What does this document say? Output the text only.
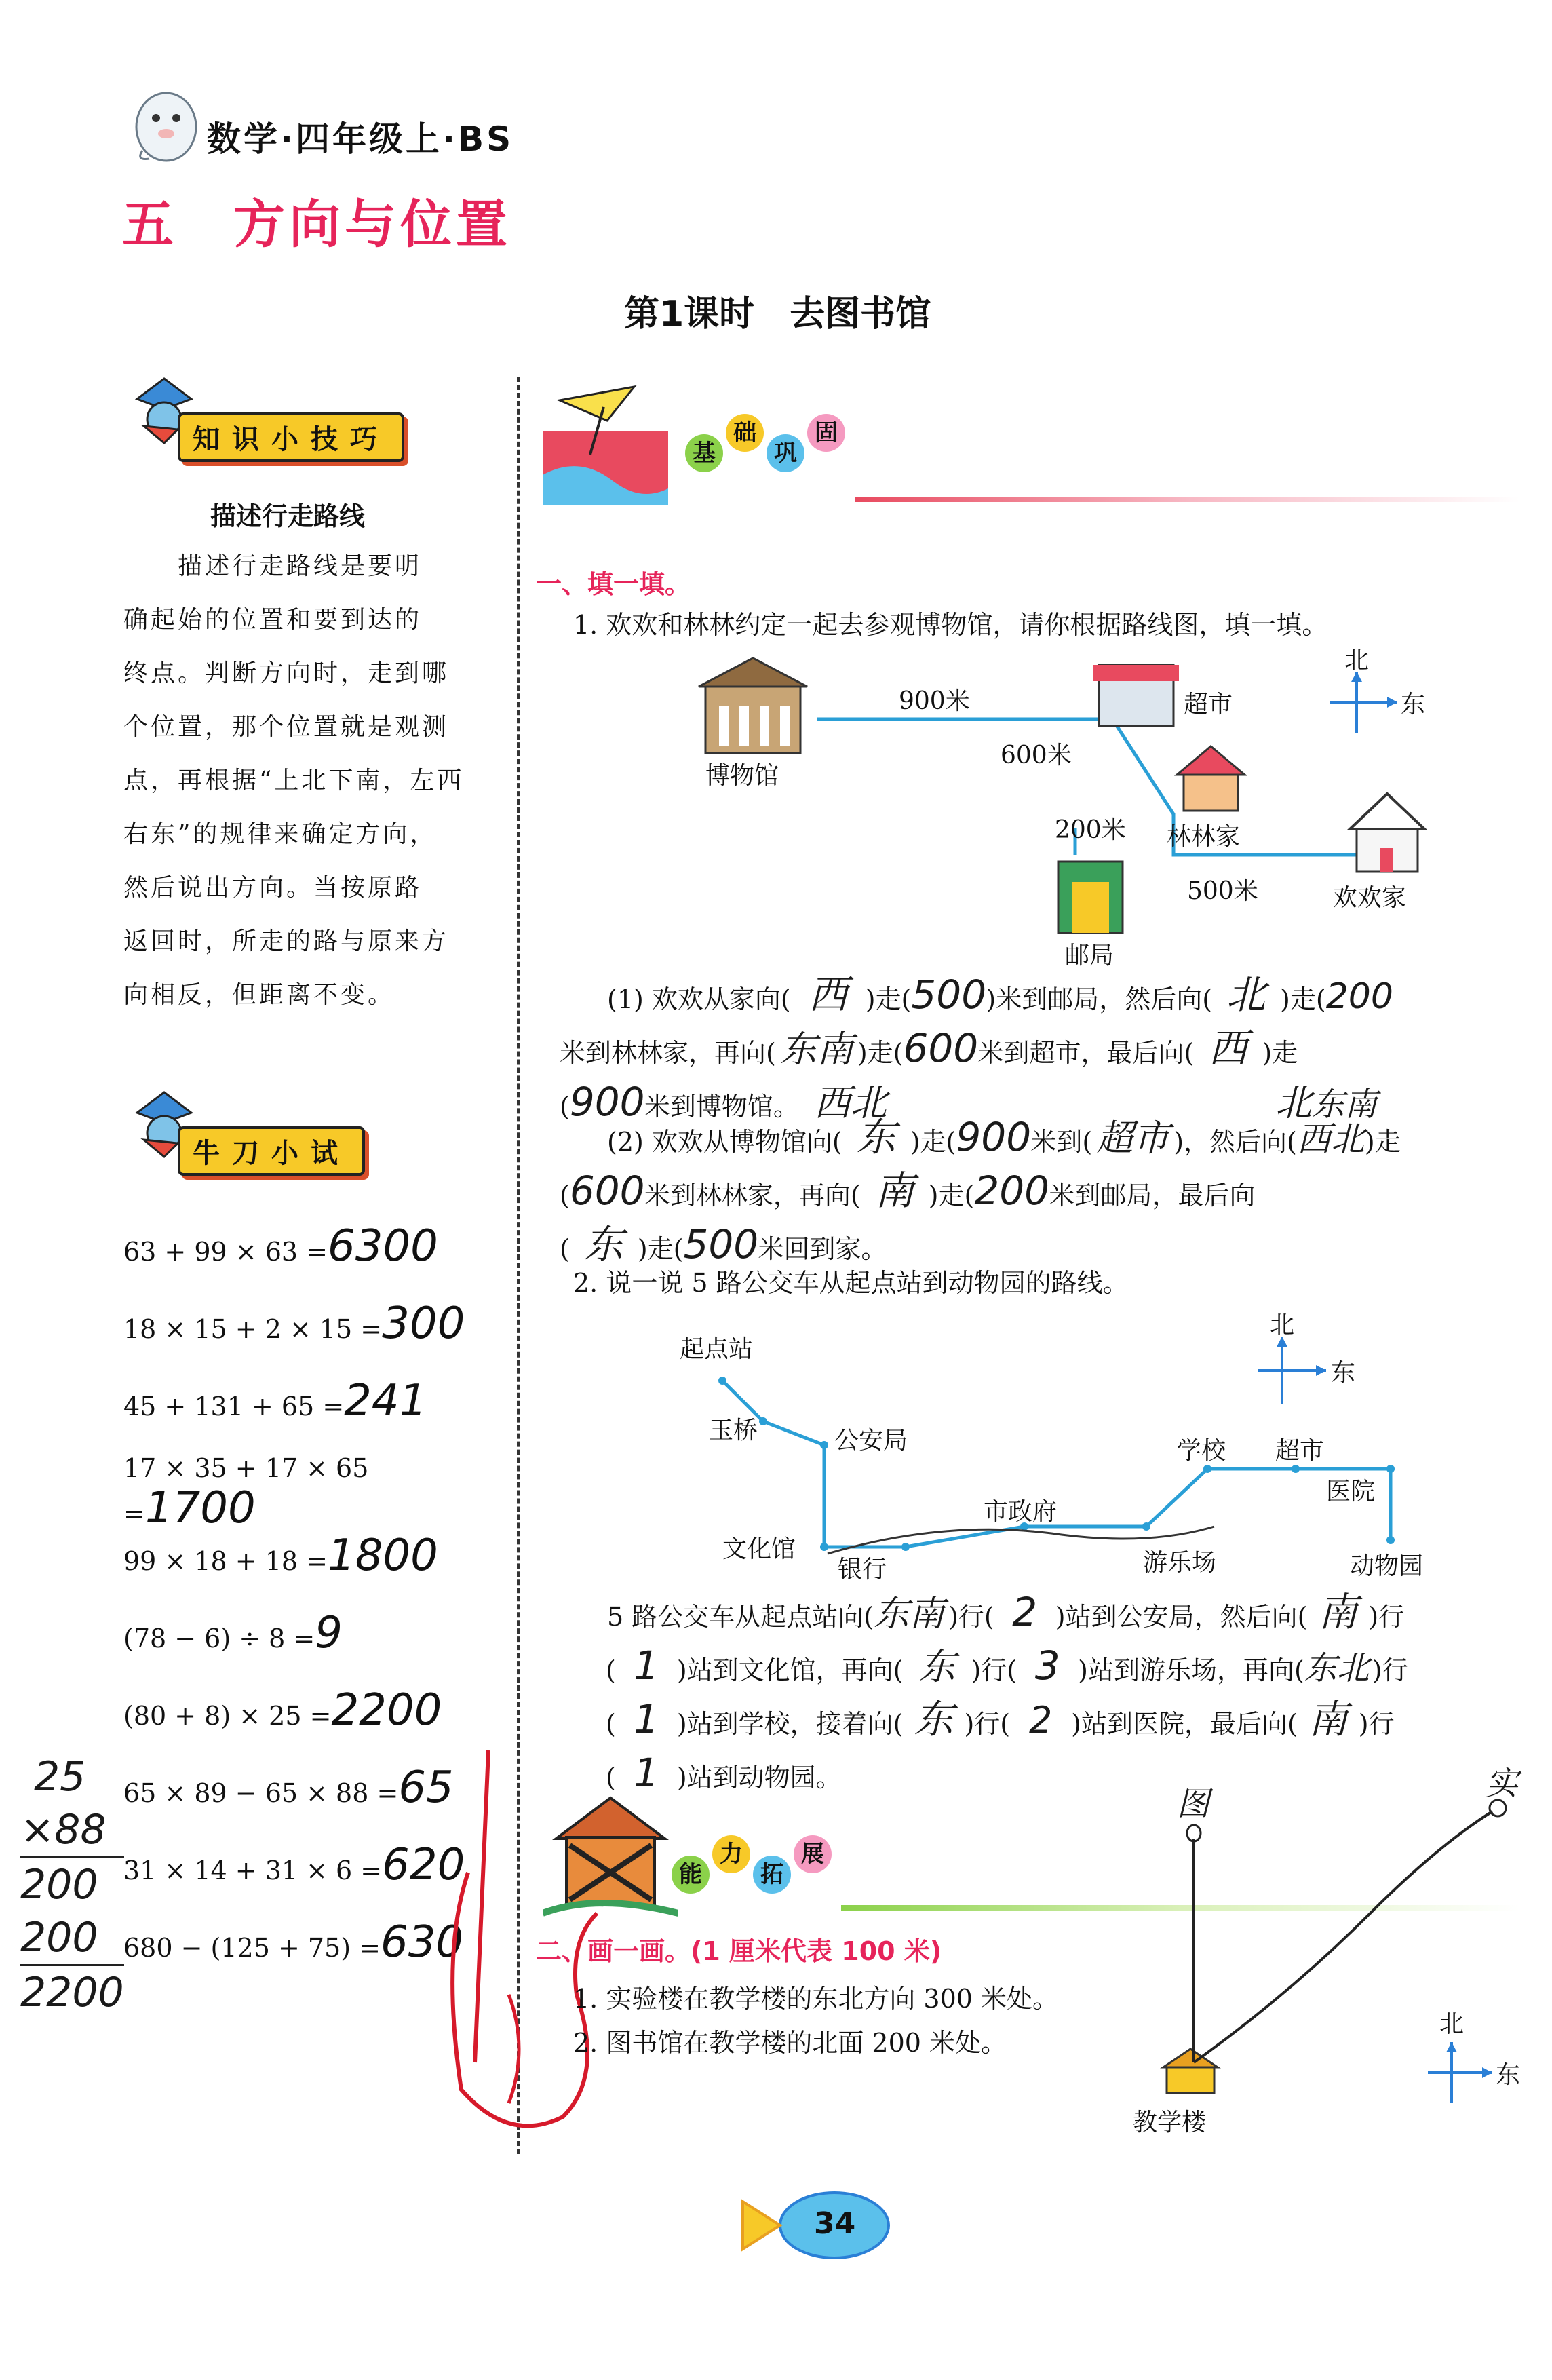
数学·四年级上·BS
五　方向与位置
第1课时　去图书馆
知识小技巧
描述行走路线
　　描述行走路线是要明
确起始的位置和要到达的
终点。判断方向时，走到哪
个位置，那个位置就是观测
点，再根据“上北下南，左西
右东”的规律来确定方向，
然后说出方向。当按原路
返回时，所走的路与原来方
向相反，但距离不变。
牛刀小试
63 + 99 × 63 =6300
18 × 15 + 2 × 15 =300
45 + 131 + 65 =241
17 × 35 + 17 × 65 =1700
99 × 18 + 18 =1800
(78 − 6) ÷ 8 =9
(80 + 8) × 25 =2200
65 × 89 − 65 × 88 =65
31 × 14 + 31 × 6 =620
680 − (125 + 75) =630
25
×88
200
200
2200
基础巩固
一、填一填。
1. 欢欢和林林约定一起去参观博物馆，请你根据路线图，填一填。
博物馆
超市
林林家
欢欢家
邮局
900米
600米
200米
500米
北
东
(1) 欢欢从家向( 西 )走(500)米到邮局，然后向( 北 )走(200
米到林林家，再向( 东南 )走(600米到超市，最后向( 西 )走
(900米到博物馆。 西北	北东南
(2) 欢欢从博物馆向( 东 )走(900米到( 超市 )，然后向(西北)走
(600米到林林家，再向( 南 )走(200米到邮局，最后向
( 东 )走(500米回到家。
2. 说一说 5 路公交车从起点站到动物园的路线。
起点站
玉桥	公安局
文化馆
银行
市政府
游乐场
学校 超市
医院
动物园
北
东
5 路公交车从起点站向(东南 )行( 2 )站到公安局，然后向( 南 )行
( 1 )站到文化馆，再向( 东 )行( 3 )站到游乐场，再向(东北 )行
( 1 )站到学校，接着向( 东 )行( 2 )站到医院，最后向( 南 )行
( 1 )站到动物园。
能力拓展
二、画一画。(1 厘米代表 100 米)
1. 实验楼在教学楼的东北方向 300 米处。
2. 图书馆在教学楼的北面 200 米处。
图
实
教学楼
北
东
34
